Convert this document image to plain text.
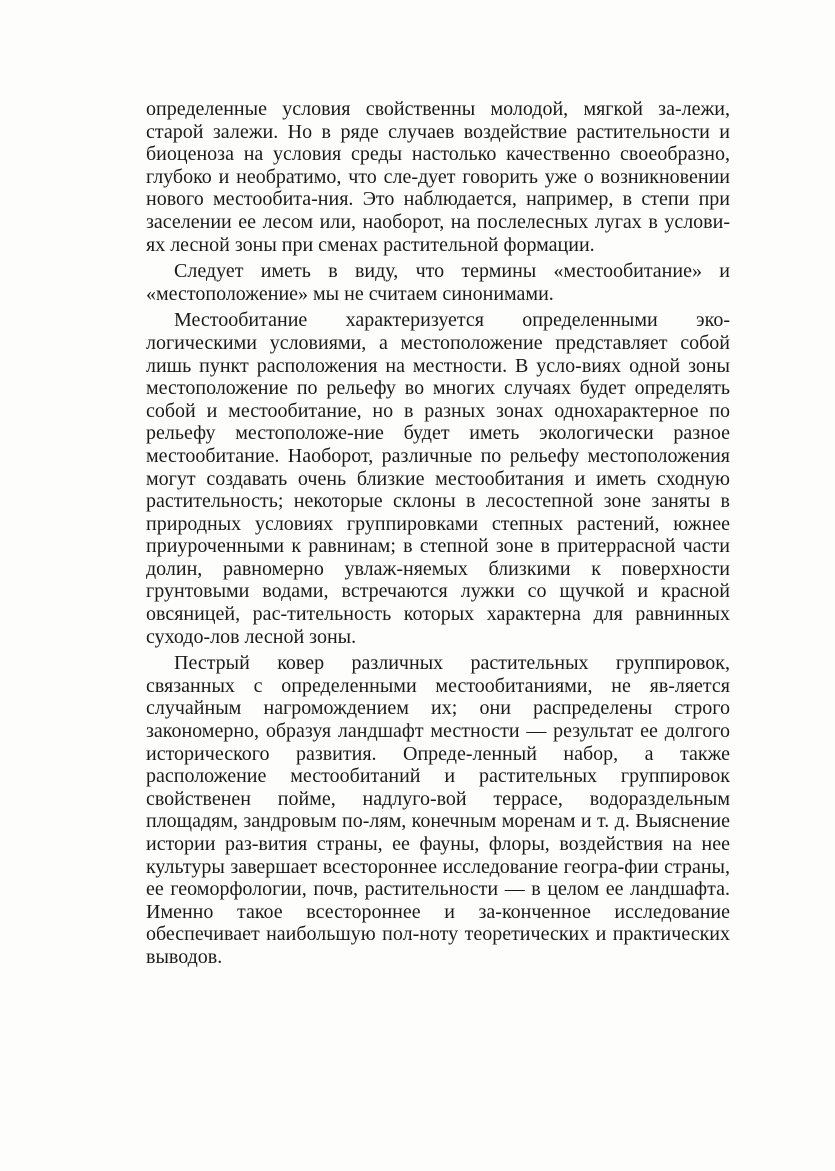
определенные условия свойственны молодой, мягкой за-лежи, старой залежи. Но в ряде случаев воздействие растительности и биоценоза на условия среды настолько качественно своеобразно, глубоко и необратимо, что сле-дует говорить уже о возникновении нового местообита-ния. Это наблюдается, например, в степи при заселении ее лесом или, наоборот, на послелесных лугах в услови-ях лесной зоны при сменах растительной формации.

Следует иметь в виду, что термины «местообитание» и «местоположение» мы не считаем синонимами.

Местообитание характеризуется определенными эко-логическими условиями, а местоположение представляет собой лишь пункт расположения на местности. В усло-виях одной зоны местоположение по рельефу во многих случаях будет определять собой и местообитание, но в разных зонах однохарактерное по рельефу местоположе-ние будет иметь экологически разное местообитание. Наоборот, различные по рельефу местоположения могут создавать очень близкие местообитания и иметь сходную растительность; некоторые склоны в лесостепной зоне заняты в природных условиях группировками степных растений, южнее приуроченными к равнинам; в степной зоне в притеррасной части долин, равномерно увлаж-няемых близкими к поверхности грунтовыми водами, встречаются лужки со щучкой и красной овсяницей, рас-тительность которых характерна для равнинных суходо-лов лесной зоны.

Пестрый ковер различных растительных группировок, связанных с определенными местообитаниями, не яв-ляется случайным нагромождением их; они распределены строго закономерно, образуя ландшафт местности — результат ее долгого исторического развития. Опреде-ленный набор, а также расположение местообитаний и растительных группировок свойственен пойме, надлуго-вой террасе, водораздельным площадям, зандровым по-лям, конечным моренам и т. д. Выяснение истории раз-вития страны, ее фауны, флоры, воздействия на нее культуры завершает всестороннее исследование геогра-фии страны, ее геоморфологии, почв, растительности — в целом ее ландшафта. Именно такое всестороннее и за-конченное исследование обеспечивает наибольшую пол-ноту теоретических и практических выводов.
